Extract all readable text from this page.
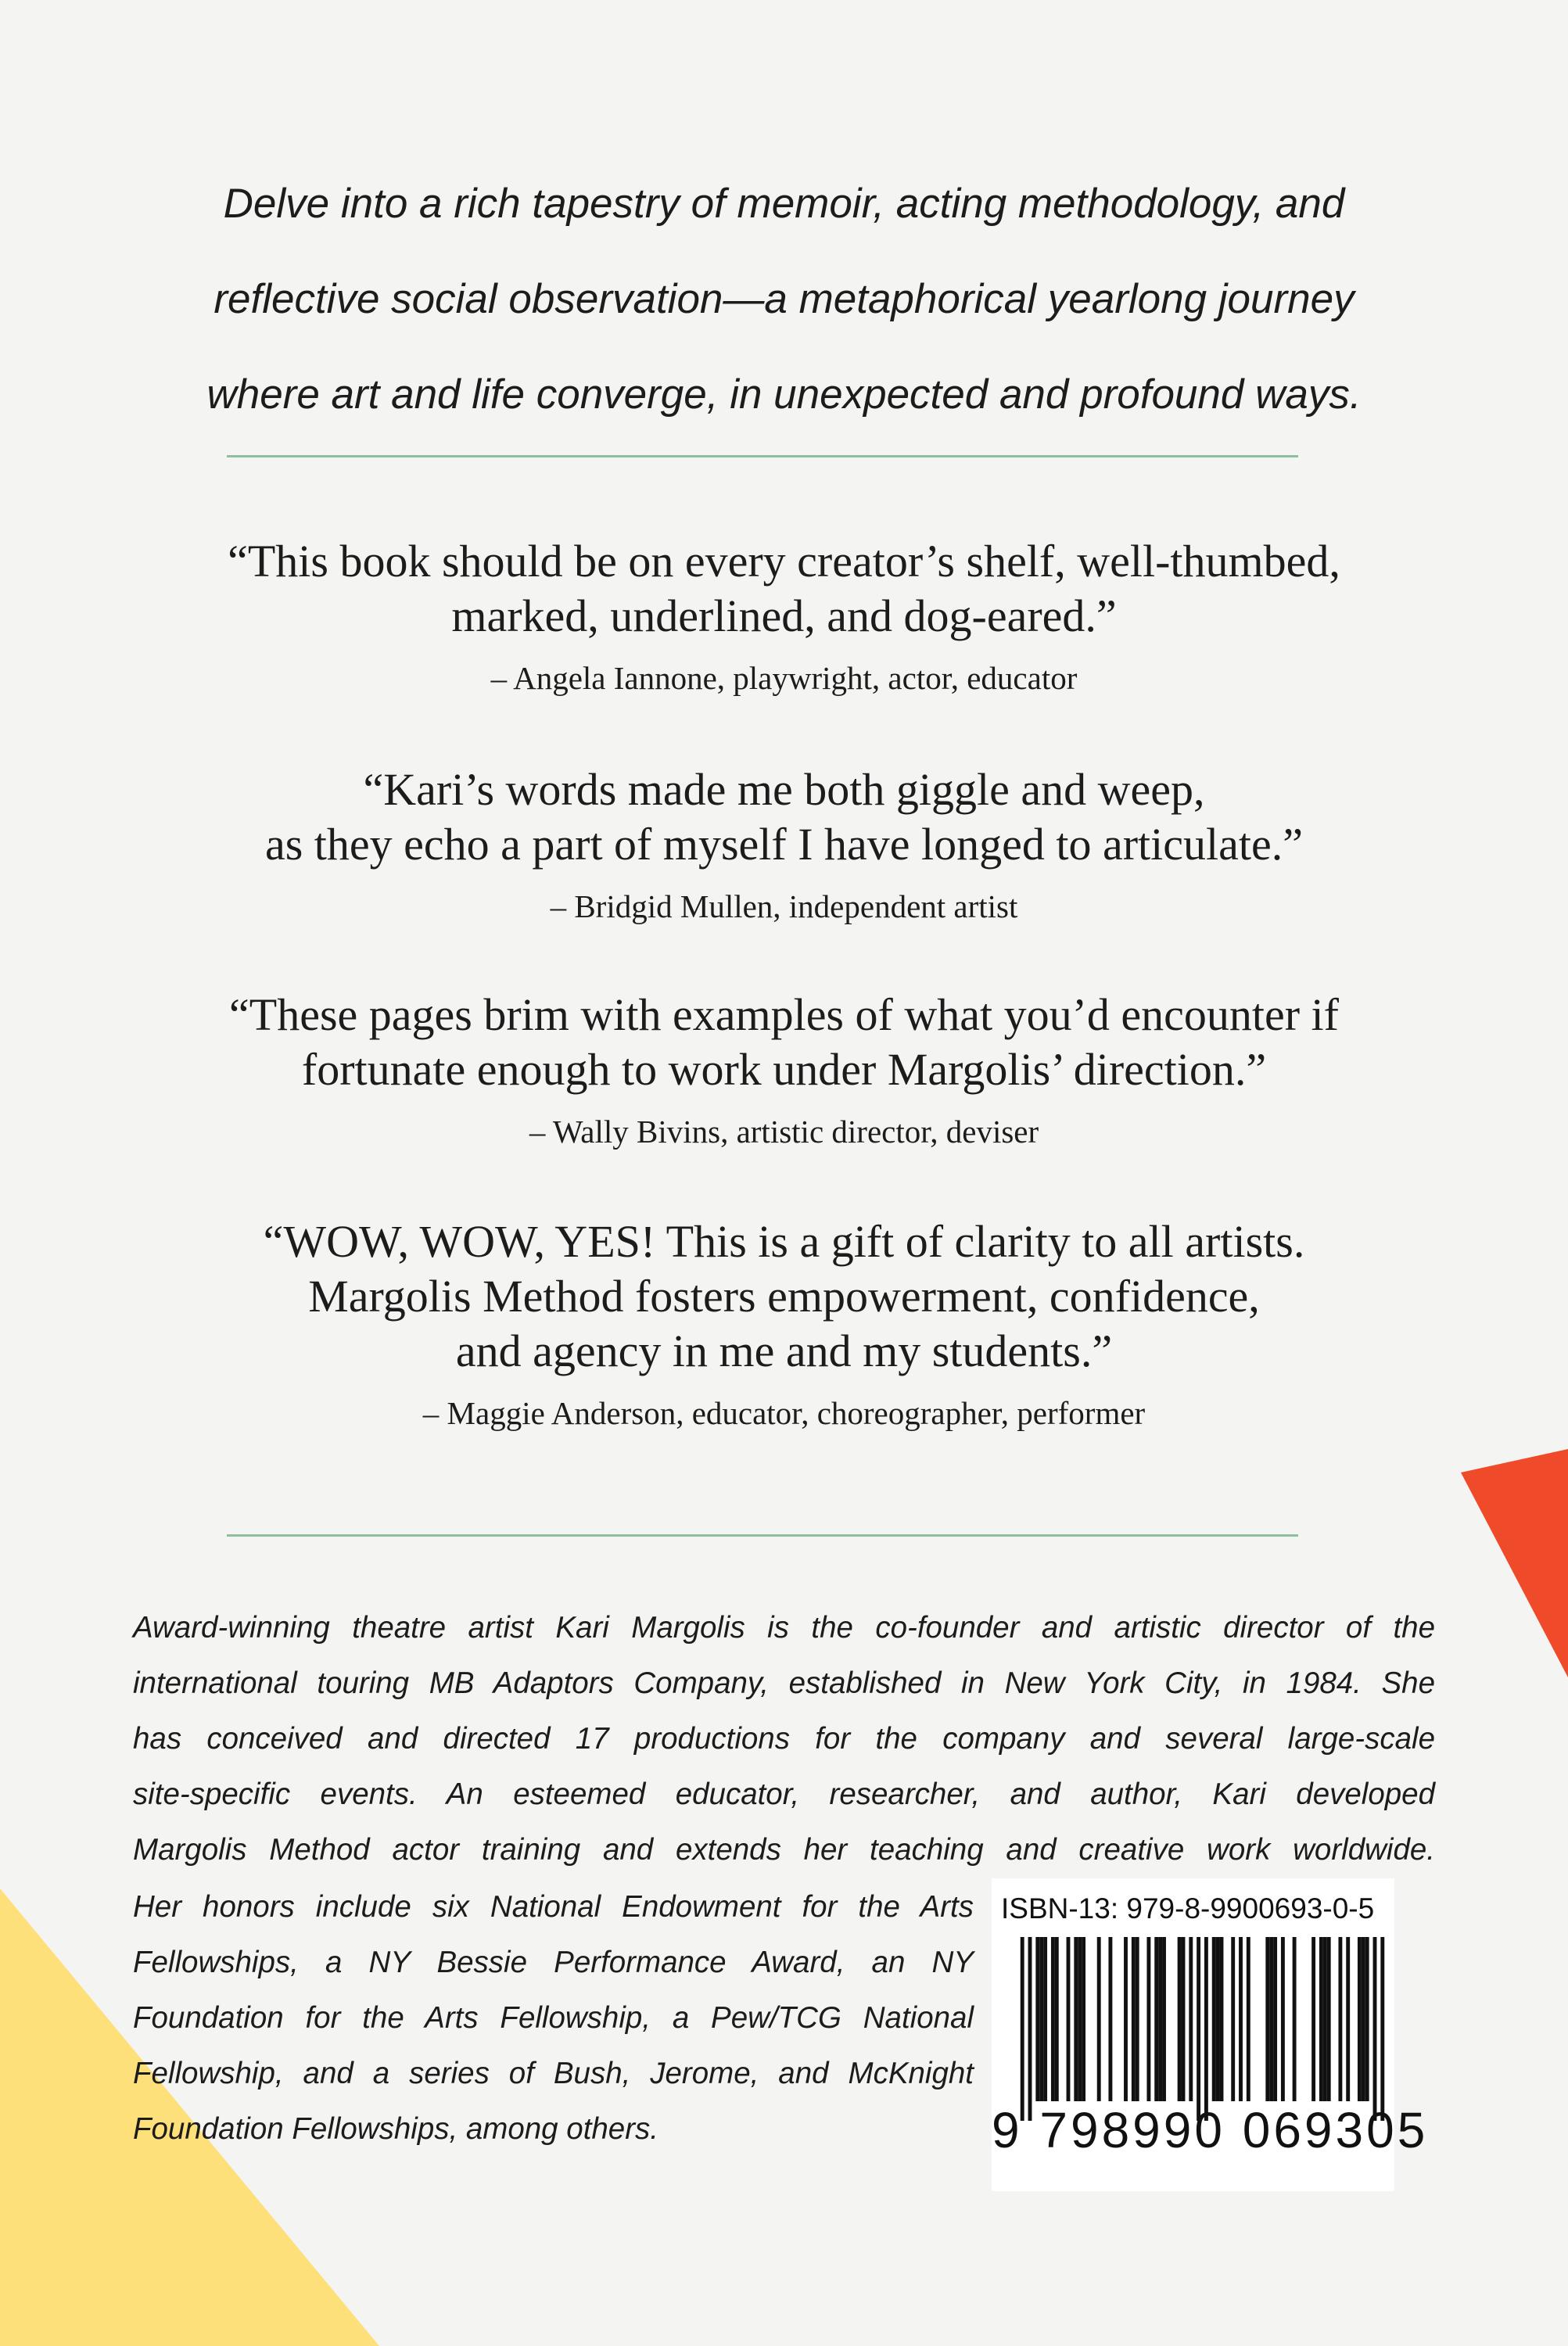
Delve into a rich tapestry of memoir, acting methodology, and
reflective social observation—a metaphorical yearlong journey
where art and life converge, in unexpected and profound ways.
“This book should be on every creator’s shelf, well-thumbed,
marked, underlined, and dog-eared.”
– Angela Iannone, playwright, actor, educator
“Kari’s words made me both giggle and weep,
as they echo a part of myself I have longed to articulate.”
– Bridgid Mullen, independent artist
“These pages brim with examples of what you’d encounter if
fortunate enough to work under Margolis’ direction.”
– Wally Bivins, artistic director, deviser
“WOW, WOW, YES! This is a gift of clarity to all artists.
Margolis Method fosters empowerment, confidence,
and agency in me and my students.”
– Maggie Anderson, educator, choreographer, performer
Award-winning theatre artist Kari Margolis is the co-founder and artistic director of the
international touring MB Adaptors Company, established in New York City, in 1984. She
has conceived and directed 17 productions for the company and several large-scale
site-specific events. An esteemed educator, researcher, and author, Kari developed
Margolis Method actor training and extends her teaching and creative work worldwide.
Her honors include six National Endowment for the Arts
Fellowships, a NY Bessie Performance Award, an NY
Foundation for the Arts Fellowship, a Pew/TCG National
Fellowship, and a series of Bush, Jerome, and McKnight
Foundation Fellowships, among others.
ISBN-13: 979-8-9900693-0-5
9 798990 069305
